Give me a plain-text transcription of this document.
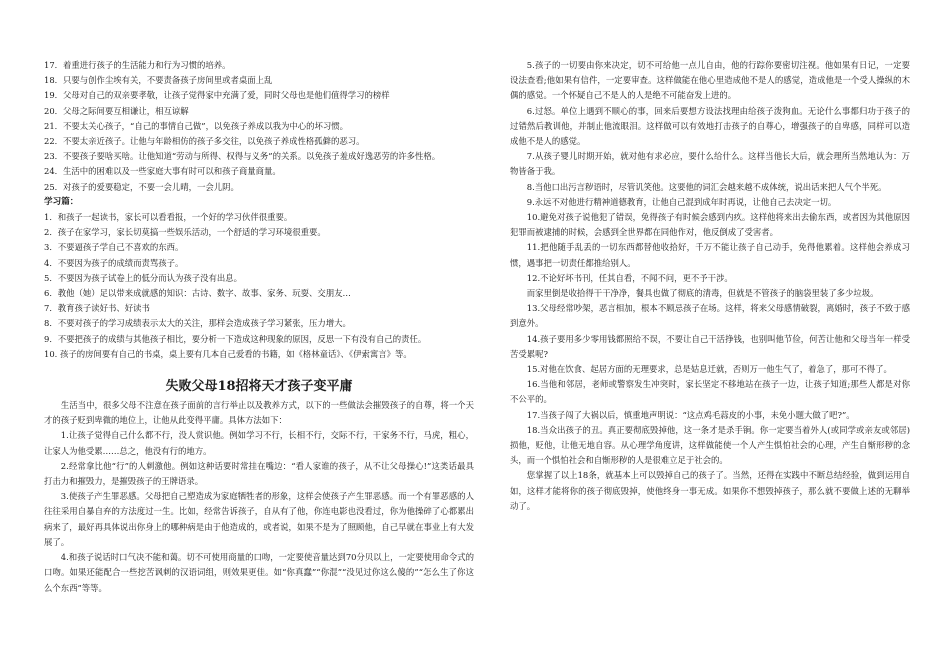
17．着重进行孩子的生活能力和行为习惯的培养。

18．只要与创作尘埃有关，不要责备孩子房间里或者桌面上乱

19．父母对自己的双亲要孝敬，让孩子觉得家中充满了爱，同时父母也是他们值得学习的榜样

20．父母之际间要互相谦让，相互谅解

21．不要太关心孩子，“自己的事情自己做”，以免孩子养成以我为中心的坏习惯。

22．不要太亲近孩子。让他与年龄相仿的孩子多交往，以免孩子养成性格孤僻的恶习。

23．不要孩子要啥买啥。让他知道“劳动与所得、权得与义务”的关系。以免孩子羞成好逸恶劳的许多性格。

24．生活中的困难以及一些家庭大事有时可以和孩子商量商量。

25．对孩子的爱要稳定，不要一会儿晴，一会儿阴。

学习篇：

1．和孩子一起读书，家长可以看看报，一个好的学习伙伴很重要。

2．孩子在家学习，家长切莫搞一些娱乐活动，一个舒适的学习环境很重要。

3．不要逼孩子学自己不喜欢的东西。

4．不要因为孩子的成绩而责骂孩子。

5．不要因为孩子试卷上的低分而认为孩子没有出息。

6．教他（她）足以带来成就感的知识：古诗、数字、故事、家务、玩耍、交朋友…

7．教育孩子读好书、好读书

8．不要对孩子的学习成绩表示太大的关注，那样会造成孩子学习紧张，压力增大。

9．不要把孩子的成绩与其他孩子相比，要分析一下造成这种现象的原因，反思一下有没有自己的责任。

10. 孩子的房间要有自己的书桌，桌上要有几本自己爱看的书籍，如《格林童话》、《伊索寓言》等。

失败父母18招将天才孩子变平庸

生活当中，很多父母不注意在孩子面前的言行举止以及教养方式，以下的一些做法会摧毁孩子的自尊，将一个天才的孩子贬到卑微的地位上，让他从此变得平庸。具体方法如下：

1.让孩子觉得自己什么都不行，没人赏识他。例如学习不行，长相不行，交际不行，干家务不行，马虎，粗心，让家人为他受累……总之，他没有行的地方。

2.经常拿比他“行”的人刺激他。例如这种话要时常挂在嘴边：“看人家谁的孩子，从不让父母操心!”这类话最具打击力和摧毁力，是摧毁孩子的王牌语录。

3.使孩子产生罪恶感。父母把自己塑造成为家庭牺牲者的形象，这样会使孩子产生罪恶感。而一个有罪恶感的人往往采用自暴自弃的方法度过一生。比如，经常告诉孩子，自从有了他，你连电影也没看过，你为他操碎了心都累出病来了，最好再具体说出你身上的哪种病是由于他造成的，或者说，如果不是为了照顾他，自己早就在事业上有大发展了。

4.和孩子说话时口气决不能和蔼。切不可使用商量的口吻，一定要使音量达到70分贝以上，一定要使用命令式的口吻。如果还能配合一些挖苦讽刺的汉语词组，则效果更佳。如“你真蠢”“你混”“没见过你这么傻的”“怎么生了你这么个东西”等等。

5.孩子的一切要由你来决定，切不可给他一点儿自由，他的行踪你要密切注视。他如果有日记，一定要设法查看;他如果有信件，一定要审查。这样做能在他心里造成他不是人的感觉，造成他是一个受人操纵的木偶的感觉。一个怀疑自己不是人的人是绝不可能奋发上进的。

6.过怒。单位上遇到不顺心的事，回来后要想方设法找理由给孩子泼狗血。无论什么事都归功于孩子的过错然后教训他，并制止他流眼泪。这样做可以有效地打击孩子的自尊心，增强孩子的自卑感，同样可以造成他不是人的感觉。

7.从孩子婴儿时期开始，就对他有求必应，要什么给什么。这样当他长大后，就会理所当然地认为：万物皆备于我。

8.当他口出污言秽语时，尽管讥笑他。这要他的词汇会越来越不成体统，说出话来把人气个半死。

9.永远不对他进行精神道德教育，让他自己混到成年时再说，让他自己去决定一切。

10.避免对孩子说他犯了错误，免得孩子有时候会感到内疚。这样他将来出去偷东西，或者因为其他原因犯罪而被逮捕的时候，会感到全世界都在同他作对，他反倒成了受害者。

11.把他随手乱丢的一切东西都替他收拾好，千万不能让孩子自己动手，免得他累着。这样他会养成习惯，遇事把一切责任都推给别人。

12.不论好坏书刊，任其自看，不闻不问，更不予干涉。

而家里倒是收拾得干干净净，餐具也做了彻底的清毒，但就是不管孩子的脑袋里装了多少垃圾。

13.父母经常吵架，恶言相加，根本不顾忌孩子在场。这样，将来父母感情破裂，离婚时，孩子不致于感到意外。

14.孩子要用多少零用钱都照给不误，不要让自己干活挣钱，也别叫他节俭，何苦让他和父母当年一样受苦受累呢?

15.对他在饮食、起居方面的无理要求，总是姑息迁就，否则万一他生气了，着急了，那可不得了。

16.当他和邻居，老师或警察发生冲突时，家长坚定不移地站在孩子一边，让孩子知道;那些人都是对你不公平的。

17.当孩子闯了大祸以后，慎重地声明说：“这点鸡毛蒜皮的小事，未免小题大做了吧?”。

18.当众出孩子的丑。真正要彻底毁掉他，这一条才是杀手锏。你一定要当着外人(或同学或亲友或邻居)损他，贬他，让他无地自容。从心理学角度讲，这样做能使一个人产生惧怕社会的心理，产生自惭形秽的念头，而一个惧怕社会和自惭形秽的人是很难立足于社会的。

您掌握了以上18条，就基本上可以毁掉自己的孩子了。当然，还得在实践中不断总结经验，做到运用自如，这样才能将你的孩子彻底毁掉，使他终身一事无成。如果你不想毁掉孩子，那么就不要做上述的无聊举动了。
